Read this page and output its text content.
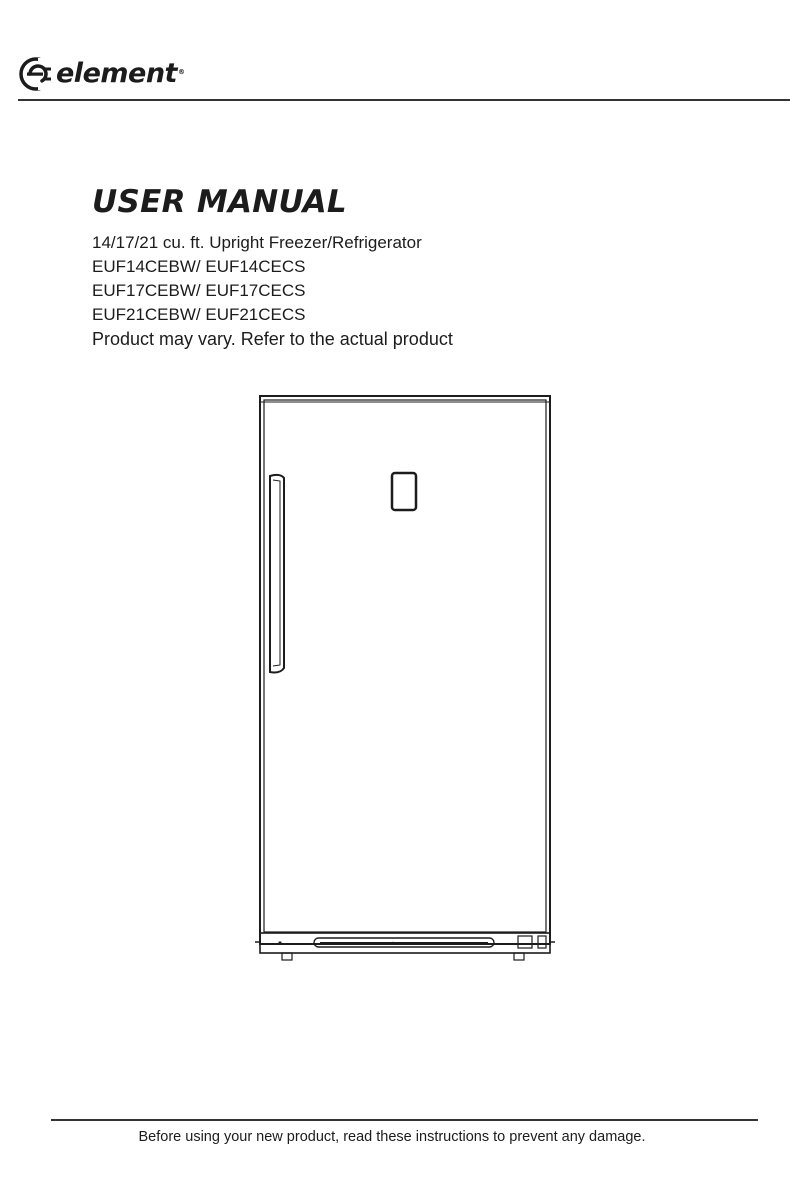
element®
USER MANUAL
14/17/21 cu. ft. Upright Freezer/Refrigerator
EUF14CEBW/ EUF14CECS
EUF17CEBW/ EUF17CECS
EUF21CEBW/ EUF21CECS
Product may vary. Refer to the actual product
Before using your new product, read these instructions to prevent any damage.
